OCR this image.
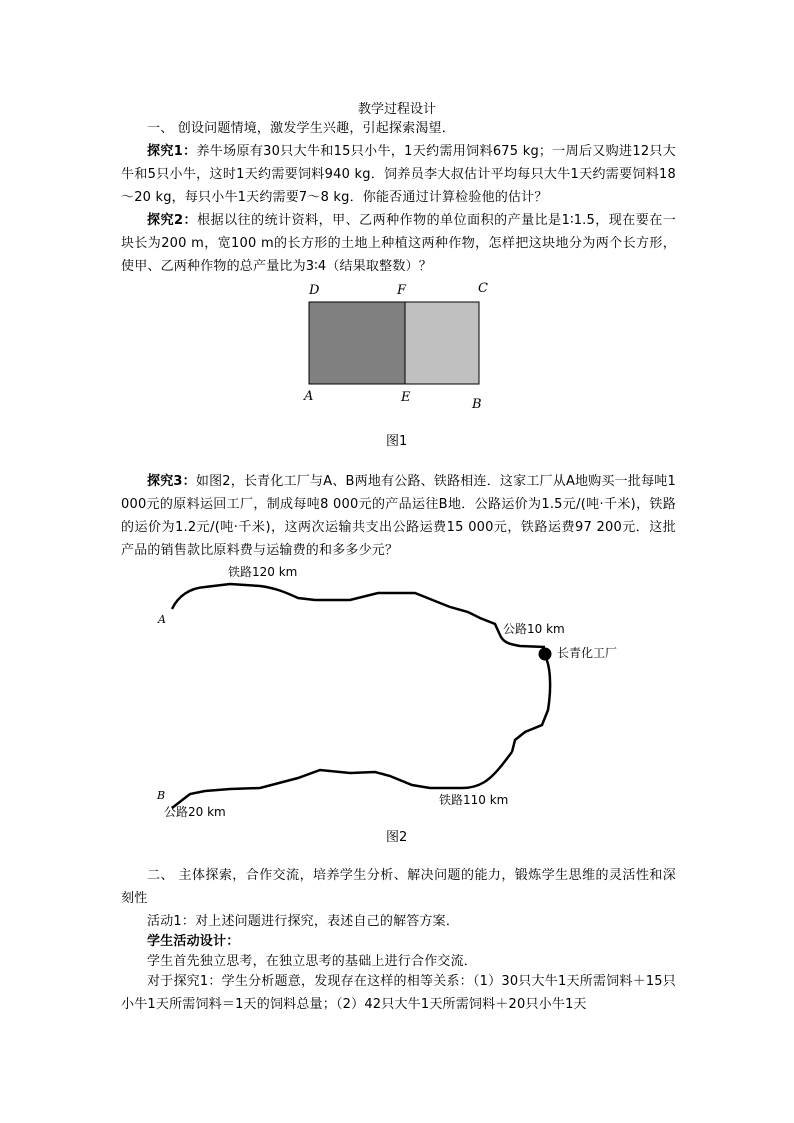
教学过程设计
一、 创设问题情境，激发学生兴趣，引起探索渴望．
探究1：养牛场原有30只大牛和15只小牛，1天约需用饲料675 kg；一周后又购进12只大牛和5只小牛，这时1天约需要饲料940 kg．饲养员李大叔估计平均每只大牛1天约需要饲料18～20 kg，每只小牛1天约需要7～8 kg．你能否通过计算检验他的估计？
探究2：根据以往的统计资料，甲、乙两种作物的单位面积的产量比是1∶1.5，现在要在一块长为200 m，宽100 m的长方形的土地上种植这两种作物，怎样把这块地分为两个长方形，使甲、乙两种作物的总产量比为3∶4（结果取整数）？
D	F	C
A	E	B
图1
探究3：如图2，长青化工厂与A、B两地有公路、铁路相连．这家工厂从A地购买一批每吨1 000元的原料运回工厂，制成每吨8 000元的产品运往B地．公路运价为1.5元/(吨·千米)，铁路的运价为1.2元/(吨·千米)，这两次运输共支出公路运费15 000元，铁路运费97 200元．这批产品的销售款比原料费与运输费的和多多少元？
铁路120 km
公路10 km
长青化工厂
铁路110 km
公路20 km
A
B
图2
二、 主体探索，合作交流，培养学生分析、解决问题的能力，锻炼学生思维的灵活性和深刻性
活动1：对上述问题进行探究，表述自己的解答方案．
学生活动设计：
学生首先独立思考，在独立思考的基础上进行合作交流．
对于探究1：学生分析题意，发现存在这样的相等关系：（1）30只大牛1天所需饲料＋15只小牛1天所需饲料＝1天的饲料总量；（2）42只大牛1天所需饲料＋20只小牛1天
